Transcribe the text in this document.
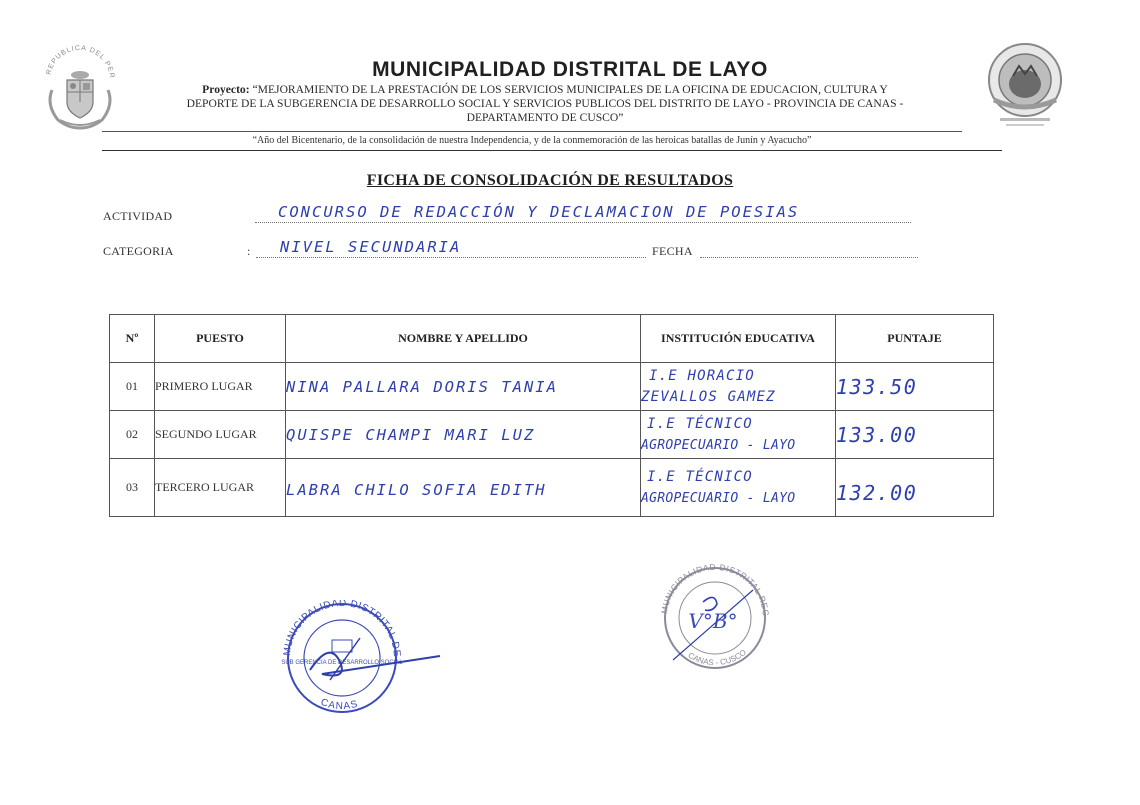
REPUBLICA DEL PER	MUNICIPALIDAD DISTRITAL DE LAYO
Proyecto: “MEJORAMIENTO DE LA PRESTACIÓN DE LOS SERVICIOS MUNICIPALES DE LA OFICINA DE EDUCACION, CULTURA Y
DEPORTE DE LA SUBGERENCIA DE DESARROLLO SOCIAL Y SERVICIOS PUBLICOS DEL DISTRITO DE LAYO - PROVINCIA DE CANAS -
DEPARTAMENTO DE CUSCO”
“Año del Bicentenario, de la consolidación de nuestra Independencia, y de la conmemoración de las heroicas batallas de Junín y Ayacucho”
FICHA DE CONSOLIDACIÓN DE RESULTADOS
ACTIVIDAD	CONCURSO DE REDACCIÓN Y DECLAMACION DE POESIAS
CATEGORIA	: NIVEL SECUNDARIA	FECHA
Nº	PUESTO	NOMBRE Y APELLIDO	INSTITUCIÓN EDUCATIVA	PUNTAJE
01	PRIMERO LUGAR	NINA PALLARA DORIS TANIA	I.E HORACIO
ZEVALLOS GAMEZ	133.50
02	SEGUNDO LUGAR	QUISPE CHAMPI MARI LUZ	I.E TÉCNICO
AGROPECUARIO - LAYO	133.00
03	TERCERO LUGAR	LABRA CHILO SOFIA EDITH	I.E TÉCNICO
AGROPECUARIO - LAYO	132.00
MUNICIPALIDAD DISTRITAL DE
CANAS
SUB GERENCIA DE DESARROLLO SOCIAL
MUNICIPALIDAD DISTRITAL REG
CANAS - CUSCO
V°B°
